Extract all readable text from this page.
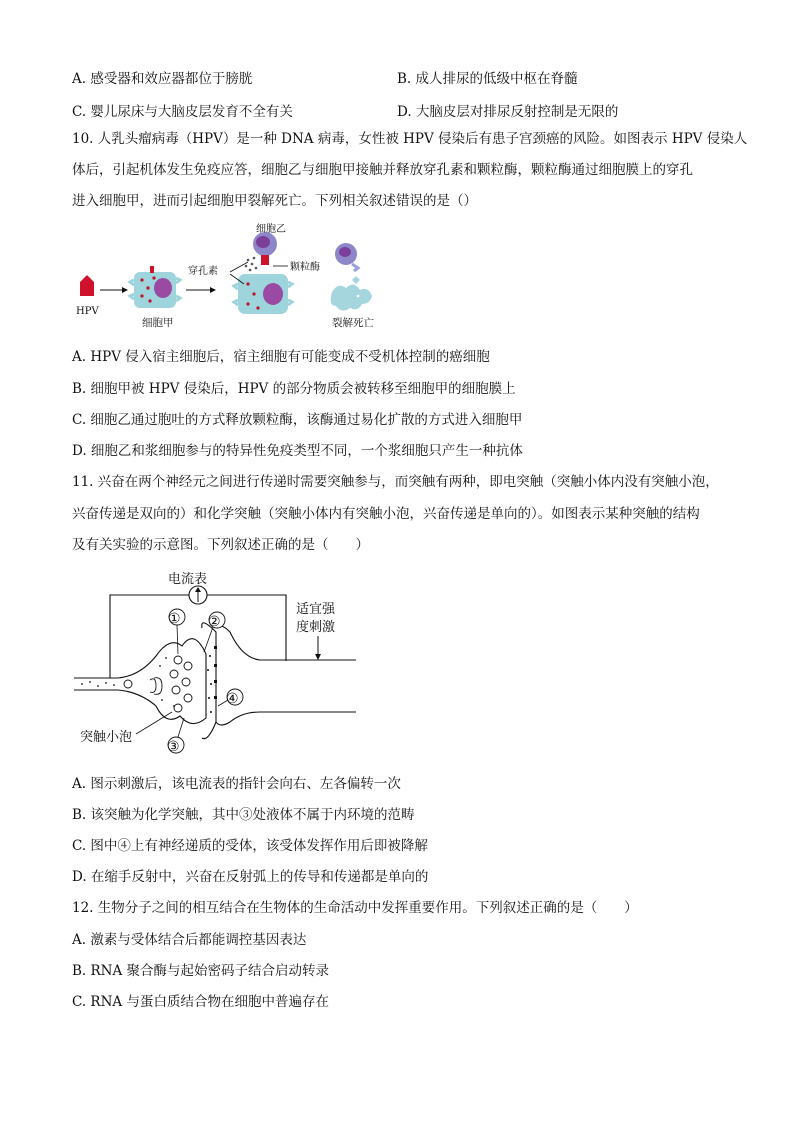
A. 感受器和效应器都位于膀胱	B. 成人排尿的低级中枢在脊髓
C. 婴儿尿床与大脑皮层发育不全有关	D. 大脑皮层对排尿反射控制是无限的
10. 人乳头瘤病毒（HPV）是一种 DNA 病毒，女性被 HPV 侵染后有患子宫颈癌的风险。如图表示 HPV 侵染人
体后，引起机体发生免疫应答，细胞乙与细胞甲接触并释放穿孔素和颗粒酶，颗粒酶通过细胞膜上的穿孔
进入细胞甲，进而引起细胞甲裂解死亡。下列相关叙述错误的是（）
HPV
细胞甲
细胞乙
穿孔素	颗粒酶
裂解死亡
A. HPV 侵入宿主细胞后，宿主细胞有可能变成不受机体控制的癌细胞
B. 细胞甲被 HPV 侵染后，HPV 的部分物质会被转移至细胞甲的细胞膜上
C. 细胞乙通过胞吐的方式释放颗粒酶，该酶通过易化扩散的方式进入细胞甲
D. 细胞乙和浆细胞参与的特异性免疫类型不同，一个浆细胞只产生一种抗体
11. 兴奋在两个神经元之间进行传递时需要突触参与，而突触有两种，即电突触（突触小体内没有突触小泡，
兴奋传递是双向的）和化学突触（突触小体内有突触小泡，兴奋传递是单向的）。如图表示某种突触的结构
及有关实验的示意图。下列叙述正确的是（　　）
电流表
适宜强
度刺激
① ②
④
③
突触小泡
A. 图示刺激后，该电流表的指针会向右、左各偏转一次
B. 该突触为化学突触，其中③处液体不属于内环境的范畴
C. 图中④上有神经递质的受体，该受体发挥作用后即被降解
D. 在缩手反射中，兴奋在反射弧上的传导和传递都是单向的
12. 生物分子之间的相互结合在生物体的生命活动中发挥重要作用。下列叙述正确的是（　　）
A. 激素与受体结合后都能调控基因表达
B. RNA 聚合酶与起始密码子结合启动转录
C. RNA 与蛋白质结合物在细胞中普遍存在
